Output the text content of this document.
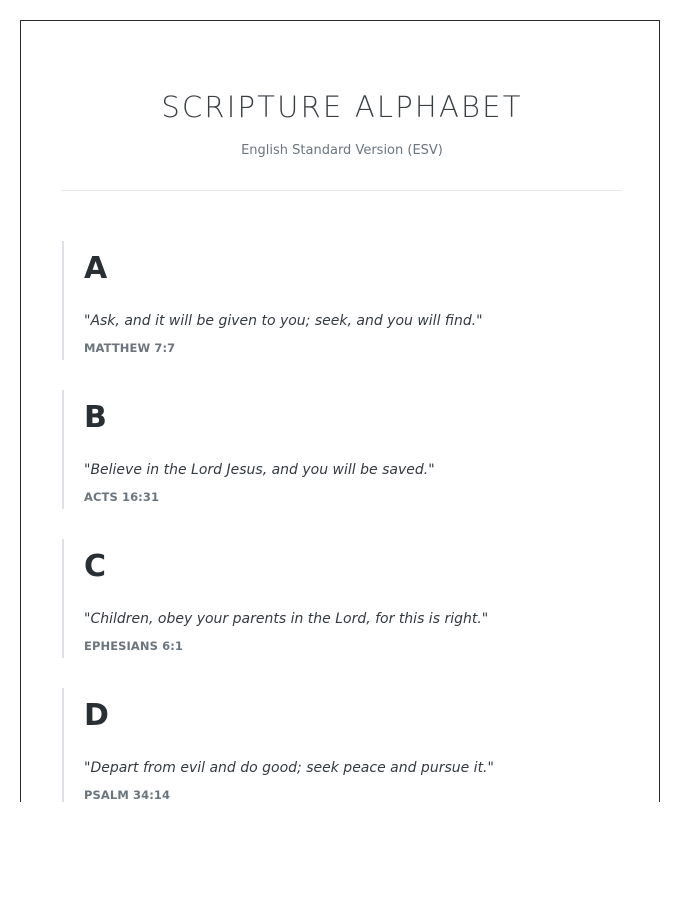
SCRIPTURE ALPHABET
English Standard Version (ESV)
A
"Ask, and it will be given to you; seek, and you will find."
MATTHEW 7:7
B
"Believe in the Lord Jesus, and you will be saved."
ACTS 16:31
C
"Children, obey your parents in the Lord, for this is right."
EPHESIANS 6:1
D
"Depart from evil and do good; seek peace and pursue it."
PSALM 34:14
